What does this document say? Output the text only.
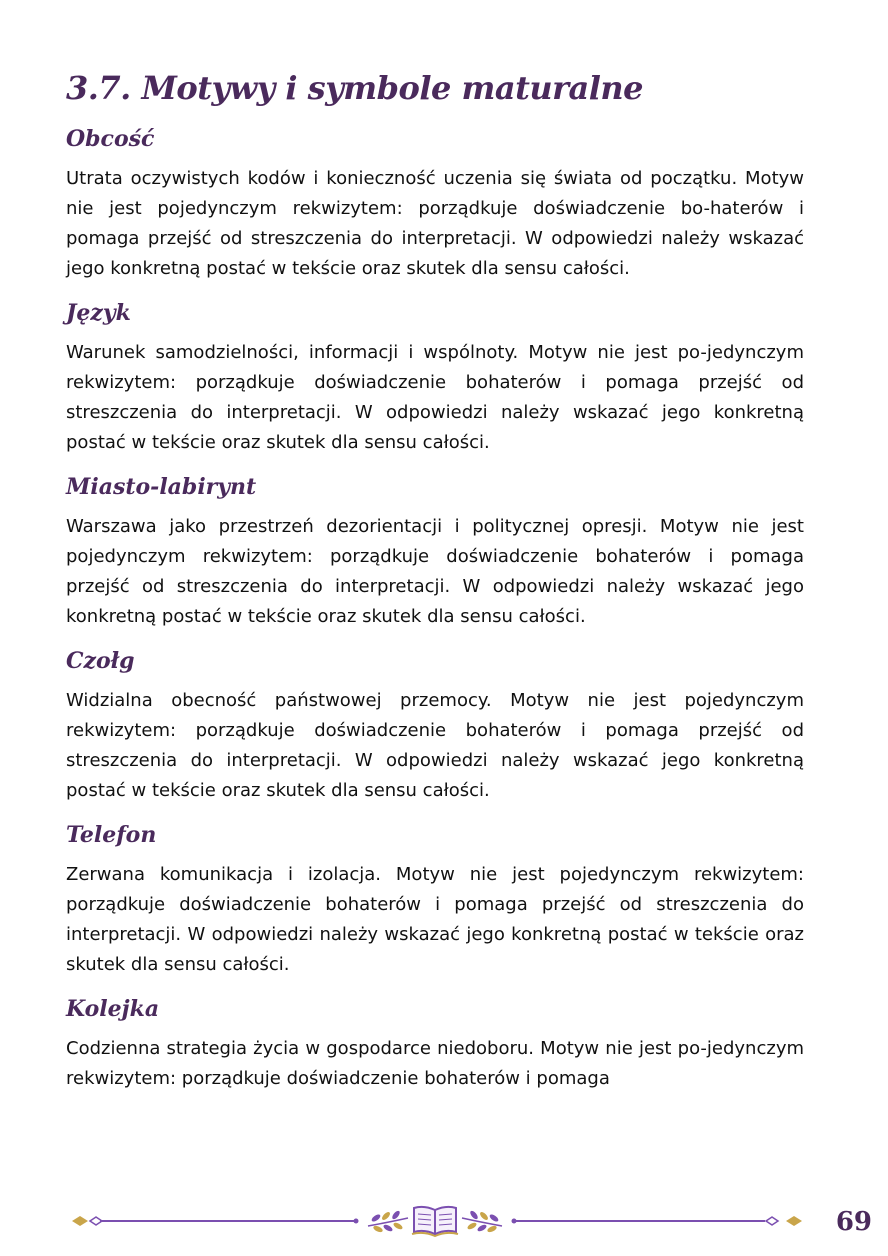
3.7. Motywy i symbole maturalne
Obcość

Utrata oczywistych kodów i konieczność uczenia się świata od początku. Motyw nie jest pojedynczym rekwizytem: porządkuje doświadczenie bo-haterów i pomaga przejść od streszczenia do interpretacji. W odpowiedzi należy wskazać jego konkretną postać w tekście oraz skutek dla sensu całości.

Język

Warunek samodzielności, informacji i wspólnoty. Motyw nie jest po-jedynczym rekwizytem: porządkuje doświadczenie bohaterów i pomaga przejść od streszczenia do interpretacji. W odpowiedzi należy wskazać jego konkretną postać w tekście oraz skutek dla sensu całości.

Miasto-labirynt

Warszawa jako przestrzeń dezorientacji i politycznej opresji. Motyw nie jest pojedynczym rekwizytem: porządkuje doświadczenie bohaterów i pomaga przejść od streszczenia do interpretacji. W odpowiedzi należy wskazać jego konkretną postać w tekście oraz skutek dla sensu całości.

Czołg

Widzialna obecność państwowej przemocy. Motyw nie jest pojedynczym rekwizytem: porządkuje doświadczenie bohaterów i pomaga przejść od streszczenia do interpretacji. W odpowiedzi należy wskazać jego konkretną postać w tekście oraz skutek dla sensu całości.

Telefon

Zerwana komunikacja i izolacja. Motyw nie jest pojedynczym rekwizytem: porządkuje doświadczenie bohaterów i pomaga przejść od streszczenia do interpretacji. W odpowiedzi należy wskazać jego konkretną postać w tekście oraz skutek dla sensu całości.

Kolejka

Codzienna strategia życia w gospodarce niedoboru. Motyw nie jest po-jedynczym rekwizytem: porządkuje doświadczenie bohaterów i pomaga

69
